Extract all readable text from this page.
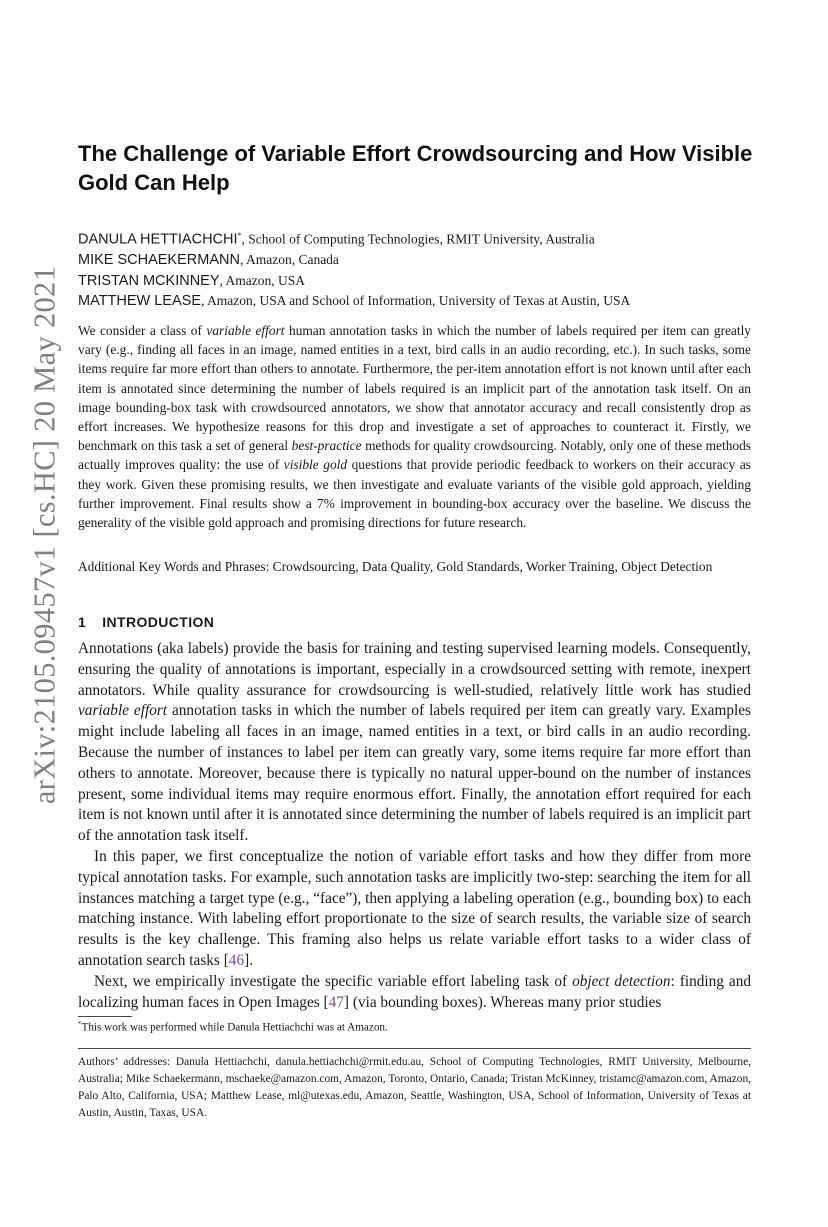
arXiv:2105.09457v1 [cs.HC] 20 May 2021
The Challenge of Variable Effort Crowdsourcing and How Visible Gold Can Help
DANULA HETTIACHCHI*, School of Computing Technologies, RMIT University, Australia
MIKE SCHAEKERMANN, Amazon, Canada
TRISTAN MCKINNEY, Amazon, USA
MATTHEW LEASE, Amazon, USA and School of Information, University of Texas at Austin, USA

We consider a class of variable effort human annotation tasks in which the number of labels required per item can greatly vary (e.g., finding all faces in an image, named entities in a text, bird calls in an audio recording, etc.). In such tasks, some items require far more effort than others to annotate. Furthermore, the per-item annotation effort is not known until after each item is annotated since determining the number of labels required is an implicit part of the annotation task itself. On an image bounding-box task with crowdsourced annotators, we show that annotator accuracy and recall consistently drop as effort increases. We hypothesize reasons for this drop and investigate a set of approaches to counteract it. Firstly, we benchmark on this task a set of general best-practice methods for quality crowdsourcing. Notably, only one of these methods actually improves quality: the use of visible gold questions that provide periodic feedback to workers on their accuracy as they work. Given these promising results, we then investigate and evaluate variants of the visible gold approach, yielding further improvement. Final results show a 7% improvement in bounding-box accuracy over the baseline. We discuss the generality of the visible gold approach and promising directions for future research.

Additional Key Words and Phrases: Crowdsourcing, Data Quality, Gold Standards, Worker Training, Object Detection

1 INTRODUCTION

Annotations (aka labels) provide the basis for training and testing supervised learning models. Consequently, ensuring the quality of annotations is important, especially in a crowdsourced setting with remote, inexpert annotators. While quality assurance for crowdsourcing is well-studied, relatively little work has studied variable effort annotation tasks in which the number of labels required per item can greatly vary. Examples might include labeling all faces in an image, named entities in a text, or bird calls in an audio recording. Because the number of instances to label per item can greatly vary, some items require far more effort than others to annotate. Moreover, because there is typically no natural upper-bound on the number of instances present, some individual items may require enormous effort. Finally, the annotation effort required for each item is not known until after it is annotated since determining the number of labels required is an implicit part of the annotation task itself.

In this paper, we first conceptualize the notion of variable effort tasks and how they differ from more typical annotation tasks. For example, such annotation tasks are implicitly two-step: searching the item for all instances matching a target type (e.g., “face”), then applying a labeling operation (e.g., bounding box) to each matching instance. With labeling effort proportionate to the size of search results, the variable size of search results is the key challenge. This framing also helps us relate variable effort tasks to a wider class of annotation search tasks [46].

Next, we empirically investigate the specific variable effort labeling task of object detection: finding and localizing human faces in Open Images [47] (via bounding boxes). Whereas many prior studies

*This work was performed while Danula Hettiachchi was at Amazon.

Authors’ addresses: Danula Hettiachchi, danula.hettiachchi@rmit.edu.au, School of Computing Technologies, RMIT University, Melbourne, Australia; Mike Schaekermann, mschaeke@amazon.com, Amazon, Toronto, Ontario, Canada; Tristan McKinney, tristamc@amazon.com, Amazon, Palo Alto, California, USA; Matthew Lease, ml@utexas.edu, Amazon, Seattle, Washington, USA, School of Information, University of Texas at Austin, Austin, Taxas, USA.
